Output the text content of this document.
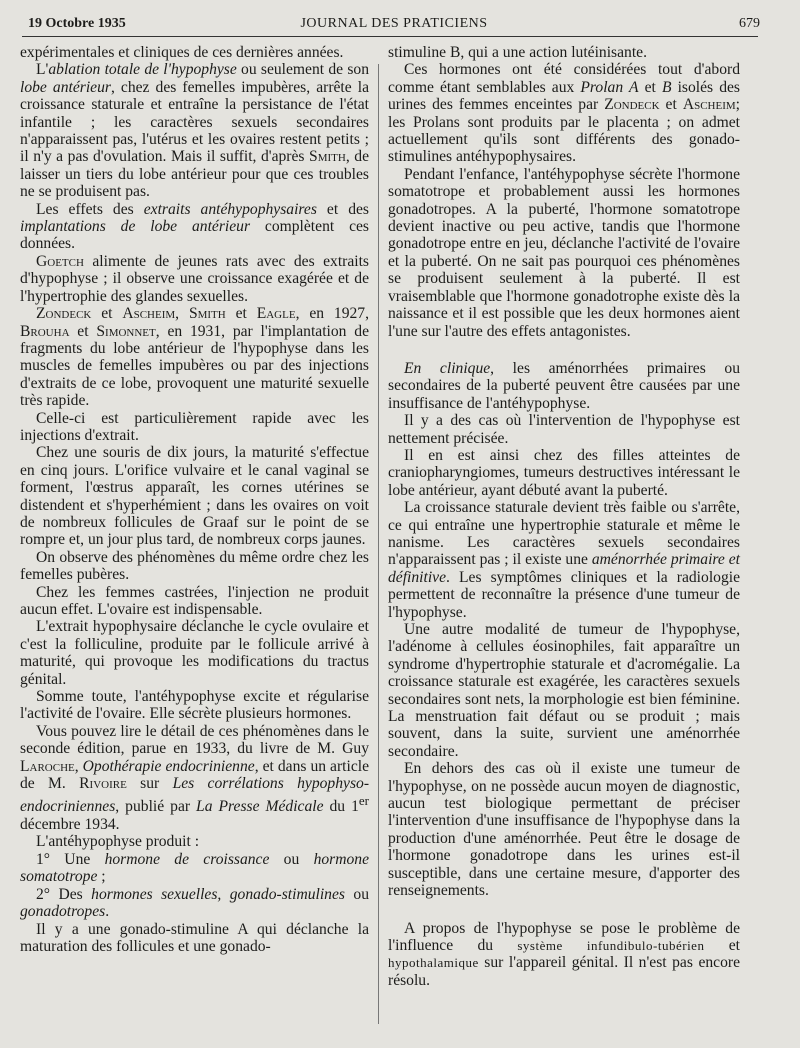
19 Octobre 1935	JOURNAL DES PRATICIENS	679

expérimentales et cliniques de ces dernières années.

L'ablation totale de l'hypophyse ou seulement de son lobe antérieur, chez des femelles impubères, arrête la croissance staturale et entraîne la persistance de l'état infantile ; les caractères sexuels secondaires n'apparaissent pas, l'utérus et les ovaires restent petits ; il n'y a pas d'ovulation. Mais il suffit, d'après Smith, de laisser un tiers du lobe antérieur pour que ces troubles ne se produisent pas.

Les effets des extraits antéhypophysaires et des implantations de lobe antérieur complètent ces données.

Goetch alimente de jeunes rats avec des extraits d'hypophyse ; il observe une croissance exagérée et de l'hypertrophie des glandes sexuelles.

Zondeck et Ascheim, Smith et Eagle, en 1927, Brouha et Simonnet, en 1931, par l'implantation de fragments du lobe antérieur de l'hypophyse dans les muscles de femelles impubères ou par des injections d'extraits de ce lobe, provoquent une maturité sexuelle très rapide.

Celle-ci est particulièrement rapide avec les injections d'extrait.

Chez une souris de dix jours, la maturité s'effectue en cinq jours. L'orifice vulvaire et le canal vaginal se forment, l'œstrus apparaît, les cornes utérines se distendent et s'hyperhémient ; dans les ovaires on voit de nombreux follicules de Graaf sur le point de se rompre et, un jour plus tard, de nombreux corps jaunes.

On observe des phénomènes du même ordre chez les femelles pubères.

Chez les femmes castrées, l'injection ne produit aucun effet. L'ovaire est indispensable.

L'extrait hypophysaire déclanche le cycle ovulaire et c'est la folliculine, produite par le follicule arrivé à maturité, qui provoque les modifications du tractus génital.

Somme toute, l'antéhypophyse excite et régularise l'activité de l'ovaire. Elle sécrète plusieurs hormones.

Vous pouvez lire le détail de ces phénomènes dans le seconde édition, parue en 1933, du livre de M. Guy Laroche, Opothérapie endocrinienne, et dans un article de M. Rivoire sur Les corrélations hypophyso-endocriniennes, publié par La Presse Médicale du 1er décembre 1934.

L'antéhypophyse produit :

1° Une hormone de croissance ou hormone somatotrope ;

2° Des hormones sexuelles, gonado-stimulines ou gonadotropes.

Il y a une gonado-stimuline A qui déclanche la maturation des follicules et une gonado-

stimuline B, qui a une action lutéinisante.

Ces hormones ont été considérées tout d'abord comme étant semblables aux Prolan A et B isolés des urines des femmes enceintes par Zondeck et Ascheim; les Prolans sont produits par le placenta ; on admet actuellement qu'ils sont différents des gonado-stimulines antéhypophysaires.

Pendant l'enfance, l'antéhypophyse sécrète l'hormone somatotrope et probablement aussi les hormones gonadotropes. A la puberté, l'hormone somatotrope devient inactive ou peu active, tandis que l'hormone gonadotrope entre en jeu, déclanche l'activité de l'ovaire et la puberté. On ne sait pas pourquoi ces phénomènes se produisent seulement à la puberté. Il est vraisemblable que l'hormone gonadotrophe existe dès la naissance et il est possible que les deux hormones aient l'une sur l'autre des effets antagonistes.

En clinique, les aménorrhées primaires ou secondaires de la puberté peuvent être causées par une insuffisance de l'antéhypophyse.

Il y a des cas où l'intervention de l'hypophyse est nettement précisée.

Il en est ainsi chez des filles atteintes de craniopharyngiomes, tumeurs destructives intéressant le lobe antérieur, ayant débuté avant la puberté.

La croissance staturale devient très faible ou s'arrête, ce qui entraîne une hypertrophie staturale et même le nanisme. Les caractères sexuels secondaires n'apparaissent pas ; il existe une aménorrhée primaire et définitive. Les symptômes cliniques et la radiologie permettent de reconnaître la présence d'une tumeur de l'hypophyse.

Une autre modalité de tumeur de l'hypophyse, l'adénome à cellules éosinophiles, fait apparaître un syndrome d'hypertrophie staturale et d'acromégalie. La croissance staturale est exagérée, les caractères sexuels secondaires sont nets, la morphologie est bien féminine. La menstruation fait défaut ou se produit ; mais souvent, dans la suite, survient une aménorrhée secondaire.

En dehors des cas où il existe une tumeur de l'hypophyse, on ne possède aucun moyen de diagnostic, aucun test biologique permettant de préciser l'intervention d'une insuffisance de l'hypophyse dans la production d'une aménorrhée. Peut être le dosage de l'hormone gonadotrope dans les urines est-il susceptible, dans une certaine mesure, d'apporter des renseignements.

A propos de l'hypophyse se pose le problème de l'influence du système infundibulo-tubérien et hypothalamique sur l'appareil génital. Il n'est pas encore résolu.
